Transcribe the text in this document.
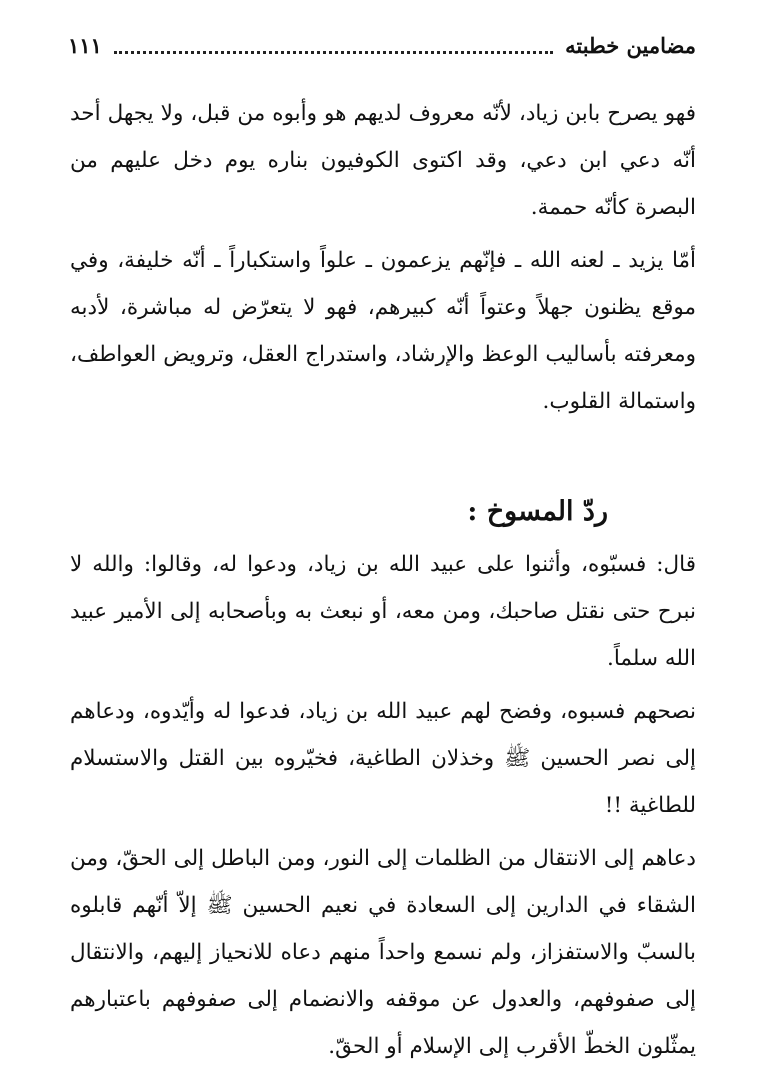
مضامين خطبته
١١١

فهو يصرح بابن زياد، لأنّه معروف لديهم هو وأبوه من قبل، ولا يجهل أحد أنّه دعي ابن دعي، وقد اكتوى الكوفيون بناره يوم دخل عليهم من البصرة كأنّه حممة.

أمّا يزيد ـ لعنه الله ـ فإنّهم يزعمون ـ علواً واستكباراً ـ أنّه خليفة، وفي موقع يظنون جهلاً وعتواً أنّه كبيرهم، فهو لا يتعرّض له مباشرة، لأدبه ومعرفته بأساليب الوعظ والإرشاد، واستدراج العقل، وترويض العواطف، واستمالة القلوب.

ردّ المسوخ :

قال: فسبّوه، وأثنوا على عبيد الله بن زياد، ودعوا له، وقالوا: والله لا نبرح حتى نقتل صاحبك، ومن معه، أو نبعث به وبأصحابه إلى الأمير عبيد الله سلماً.

نصحهم فسبوه، وفضح لهم عبيد الله بن زياد، فدعوا له وأيّدوه، ودعاهم إلى نصر الحسين ﷺ وخذلان الطاغية، فخيّروه بين القتل والاستسلام للطاغية !!

دعاهم إلى الانتقال من الظلمات إلى النور، ومن الباطل إلى الحقّ، ومن الشقاء في الدارين إلى السعادة في نعيم الحسين ﷺ إلاّ أنّهم قابلوه بالسبّ والاستفزاز، ولم نسمع واحداً منهم دعاه للانحياز إليهم، والانتقال إلى صفوفهم، والعدول عن موقفه والانضمام إلى صفوفهم باعتبارهم يمثّلون الخطّ الأقرب إلى الإسلام أو الحقّ.
